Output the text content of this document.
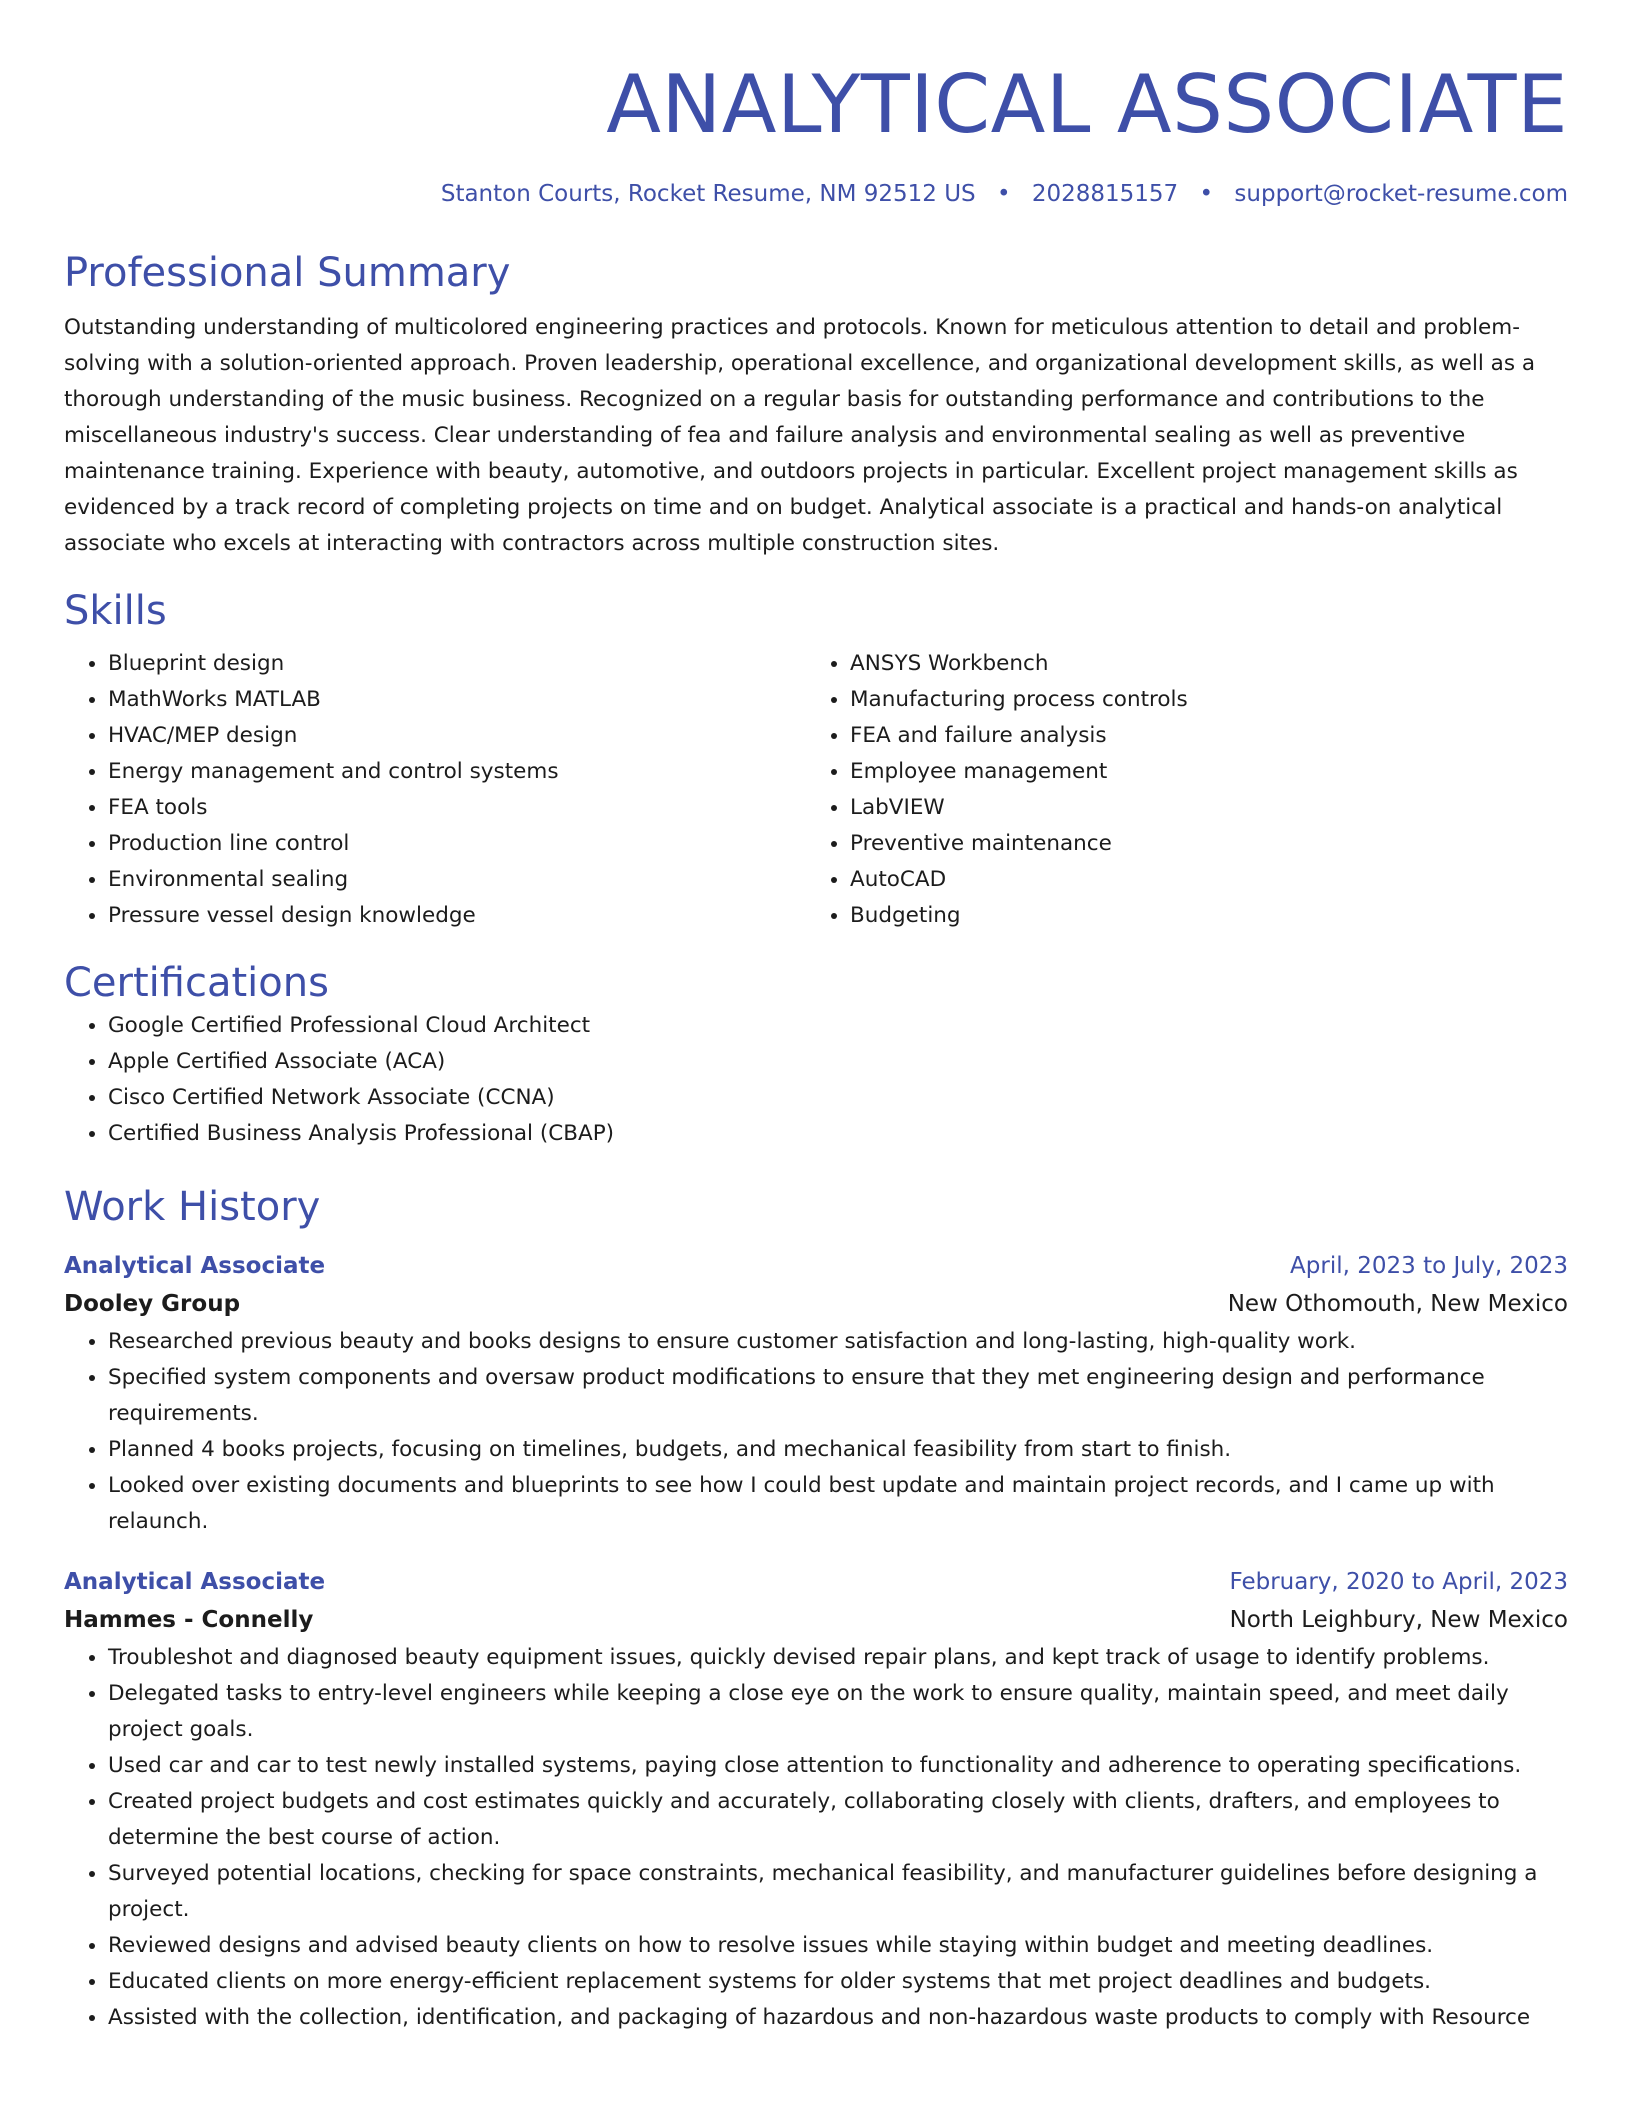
ANALYTICAL ASSOCIATE
Stanton Courts, Rocket Resume, NM 92512 US • 2028815157 • support@rocket-resume.com
Professional Summary
Outstanding understanding of multicolored engineering practices and protocols. Known for meticulous attention to detail and problem-solving with a solution-oriented approach. Proven leadership, operational excellence, and organizational development skills, as well as a thorough understanding of the music business. Recognized on a regular basis for outstanding performance and contributions to the miscellaneous industry's success. Clear understanding of fea and failure analysis and environmental sealing as well as preventive maintenance training. Experience with beauty, automotive, and outdoors projects in particular. Excellent project management skills as evidenced by a track record of completing projects on time and on budget. Analytical associate is a practical and hands-on analytical associate who excels at interacting with contractors across multiple construction sites.
Skills
• Blueprint design
• MathWorks MATLAB
• HVAC/MEP design
• Energy management and control systems
• FEA tools
• Production line control
• Environmental sealing
• Pressure vessel design knowledge
• ANSYS Workbench
• Manufacturing process controls
• FEA and failure analysis
• Employee management
• LabVIEW
• Preventive maintenance
• AutoCAD
• Budgeting
Certifications
• Google Certified Professional Cloud Architect
• Apple Certified Associate (ACA)
• Cisco Certified Network Associate (CCNA)
• Certified Business Analysis Professional (CBAP)
Work History
Analytical Associate	April, 2023 to July, 2023
Dooley Group	New Othomouth, New Mexico
• Researched previous beauty and books designs to ensure customer satisfaction and long-lasting, high-quality work.
• Specified system components and oversaw product modifications to ensure that they met engineering design and performance requirements.
• Planned 4 books projects, focusing on timelines, budgets, and mechanical feasibility from start to finish.
• Looked over existing documents and blueprints to see how I could best update and maintain project records, and I came up with relaunch.
Analytical Associate	February, 2020 to April, 2023
Hammes - Connelly	North Leighbury, New Mexico
• Troubleshot and diagnosed beauty equipment issues, quickly devised repair plans, and kept track of usage to identify problems.
• Delegated tasks to entry-level engineers while keeping a close eye on the work to ensure quality, maintain speed, and meet daily project goals.
• Used car and car to test newly installed systems, paying close attention to functionality and adherence to operating specifications.
• Created project budgets and cost estimates quickly and accurately, collaborating closely with clients, drafters, and employees to determine the best course of action.
• Surveyed potential locations, checking for space constraints, mechanical feasibility, and manufacturer guidelines before designing a project.
• Reviewed designs and advised beauty clients on how to resolve issues while staying within budget and meeting deadlines.
• Educated clients on more energy-efficient replacement systems for older systems that met project deadlines and budgets.
• Assisted with the collection, identification, and packaging of hazardous and non-hazardous waste products to comply with Resource
